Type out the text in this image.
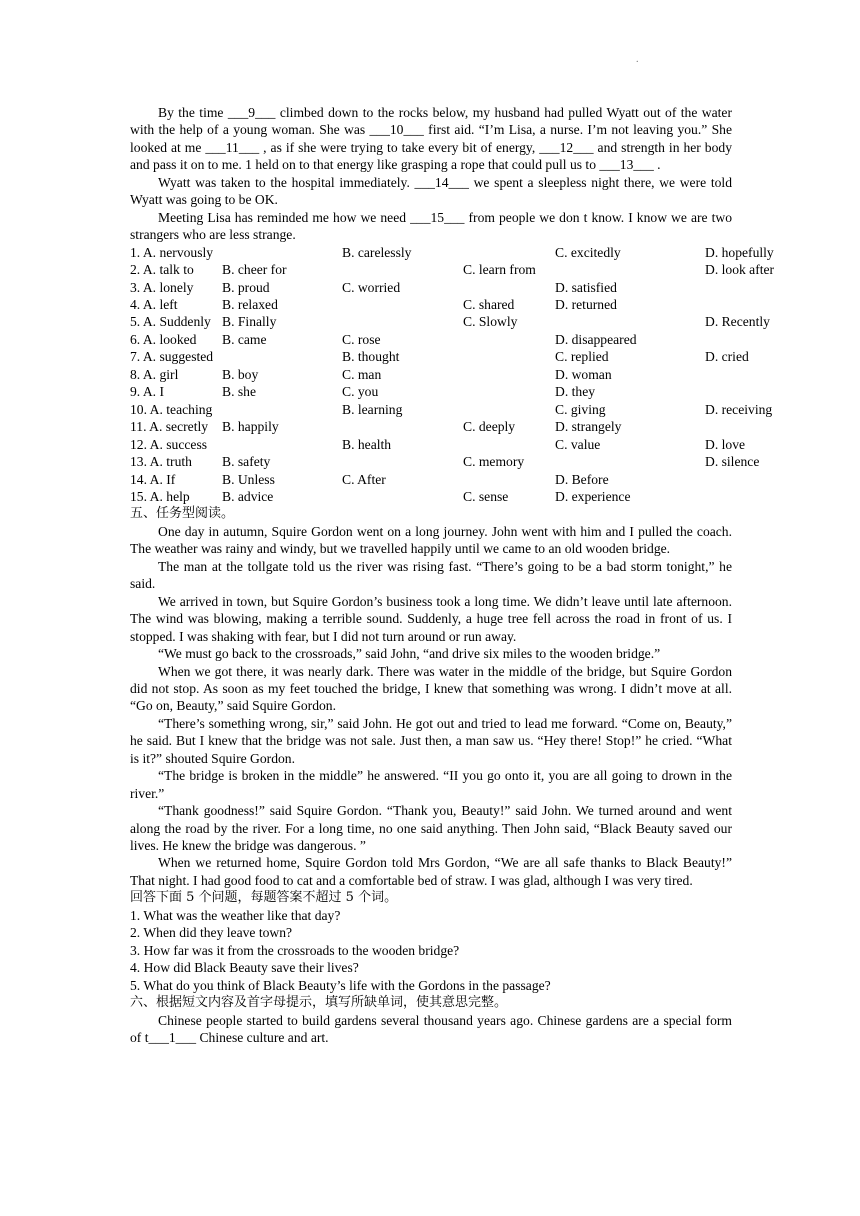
.

By the time ___9___ climbed down to the rocks below, my husband had pulled Wyatt out of the water with the help of a young woman. She was ___10___ first aid. “I’m Lisa, a nurse. I’m not leaving you.” She looked at me ___11___ , as if she were trying to take every bit of energy, ___12___ and strength in her body and pass it on to me. 1 held on to that energy like grasping a rope that could pull us to ___13___ .

Wyatt was taken to the hospital immediately. ___14___ we spent a sleepless night there, we were told Wyatt was going to be OK.

Meeting Lisa has reminded me how we need ___15___ from people we don t know. I know we are two strangers who are less strange.

1. A. nervously	B. carelessly	C. excitedly	D. hopefully
2. A. talk to	B. cheer for	C. learn from	D. look after
3. A. lonely	B. proud	C. worried	D. satisfied
4. A. left	B. relaxed	C. shared	D. returned
5. A. Suddenly B. Finally	C. Slowly	D. Recently
6. A. looked	B. came	C. rose	D. disappeared
7. A. suggested	B. thought	C. replied	D. cried
8. A. girl	B. boy	C. man	D. woman
9. A. I	B. she	C. you	D. they
10. A. teaching	B. learning	C. giving	D. receiving
11. A. secretly	B. happily	C. deeply	D. strangely
12. A. success	B. health	C. value	D. love
13. A. truth	B. safety	C. memory	D. silence
14. A. If	B. Unless	C. After	D. Before
15. A. help	B. advice	C. sense	D. experience

五、任务型阅读。

One day in autumn, Squire Gordon went on a long journey. John went with him and I pulled the coach. The weather was rainy and windy, but we travelled happily until we came to an old wooden bridge.

The man at the tollgate told us the river was rising fast. “There’s going to be a bad storm tonight,” he said.

We arrived in town, but Squire Gordon’s business took a long time. We didn’t leave until late afternoon. The wind was blowing, making a terrible sound. Suddenly, a huge tree fell across the road in front of us. I stopped. I was shaking with fear, but I did not turn around or run away.

“We must go back to the crossroads,” said John, “and drive six miles to the wooden bridge.”

When we got there, it was nearly dark. There was water in the middle of the bridge, but Squire Gordon did not stop. As soon as my feet touched the bridge, I knew that something was wrong. I didn’t move at all. “Go on, Beauty,” said Squire Gordon.

“There’s something wrong, sir,” said John. He got out and tried to lead me forward. “Come on, Beauty,” he said. But I knew that the bridge was not sale. Just then, a man saw us. “Hey there! Stop!” he cried. “What is it?” shouted Squire Gordon.

“The bridge is broken in the middle” he answered. “II you go onto it, you are all going to drown in the river.”

“Thank goodness!” said Squire Gordon. “Thank you, Beauty!” said John. We turned around and went along the road by the river. For a long time, no one said anything. Then John said, “Black Beauty saved our lives. He knew the bridge was dangerous. ”

When we returned home, Squire Gordon told Mrs Gordon, “We are all safe thanks to Black Beauty!” That night. I had good food to cat and a comfortable bed of straw. I was glad, although I was very tired.

回答下面 5 个问题，每题答案不超过 5 个词。

1. What was the weather like that day?

2. When did they leave town?

3. How far was it from the crossroads to the wooden bridge?

4. How did Black Beauty save their lives?

5. What do you think of Black Beauty’s life with the Gordons in the passage?

六、根据短文内容及首字母提示，填写所缺单词，使其意思完整。

Chinese people started to build gardens several thousand years ago. Chinese gardens are a special form of t___1___ Chinese culture and art.
